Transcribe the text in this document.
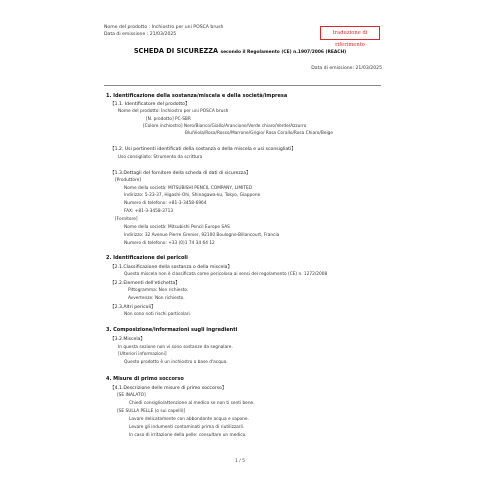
Nome del prodotto : Inchiostro per uni POSCA brush
Data di emissione : 21/03/2025	traduzione di riferimento
SCHEDA DI SICUREZZA secondo il Regolamento (CE) n.1907/2006 (REACH)
Data di emissione: 21/03/2025
1. Identificazione della sostanza/miscela e della società/impresa
【1.1. Identificatore del prodotto】
Nome del prodotto: Inchiostro per uni POSCA brush
[N. prodotto] PC-SBR
[Colore inchiostro] Nero/Bianco/Giallo/Arancione/Verde chiaro/Verde/Azzurro
Blu/Viola/Rosa/Rosso/Marrone/Grigio/ Rosa Corallo/Rosa Chiaro/Beige
【1.2. Usi pertinenti identificati della sostanza o della miscela e usi sconsigliati】
Uso consigliato: Strumento da scrittura
【1.3.Dettagli del fornitore della scheda di dati di sicurezza】
[Produttore]
Nome della società: MITSUBISHI PENCIL COMPANY, LIMITED
Indirizzo: 5-23-37, Higashi-Ohi, Shinagawa-ku, Tokyo, Giappone
Numero di telefono: +81-3-3458-6964
FAX: +81-3-3458-3713
[Fornitore]
Nome della società: Mitsubishi Pencil Europe SAS
Indirizzo: 32 Avenue Pierre Grenier, 92100 Boulogne-Billancourt, Francia
Numero di telefono: +33 (0)1 74 34 64 12
2. Identificazione dei pericoli
【2.1.Classificazione della sostanza o della miscela】
Questa miscela non è classificata come pericolosa ai sensi del regolamento (CE) n. 1272/2008
【2.2.Elementi dell'etichetta】
Pittogramma: Non richiesto.
Avvertenze: Non richiesto.
【2.3.Altri pericoli】
Non sono noti rischi particolari.
3. Composizione/informazioni sugli ingredienti
【3.2.Miscela】
In questa sezione non vi sono sostanze da segnalare.
[Ulteriori informazioni]
Questo prodotto è un inchiostro a base d'acqua.
4. Misure di primo soccorso
【4.1.Descrizione delle misure di primo soccorso】
[SE INALATO]
Chiedi consiglio/attenzione al medico se non ti senti bene.
[SE SULLA PELLE (o sui capelli)]
Lavare delicatamente con abbondante acqua e sapone.
Levare gli indumenti contaminati prima di riutilizzarli.
In caso di irritazione della pelle: consultare un medico.
1 / 5
